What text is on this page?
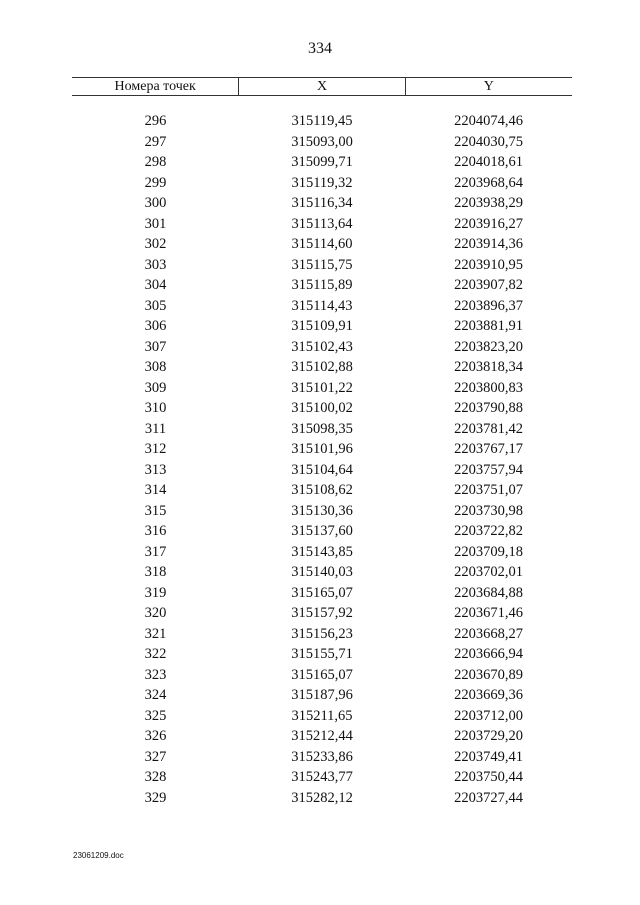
334
Номера точек	X	Y
296	315119,45	2204074,46
297	315093,00	2204030,75
298	315099,71	2204018,61
299	315119,32	2203968,64
300	315116,34	2203938,29
301	315113,64	2203916,27
302	315114,60	2203914,36
303	315115,75	2203910,95
304	315115,89	2203907,82
305	315114,43	2203896,37
306	315109,91	2203881,91
307	315102,43	2203823,20
308	315102,88	2203818,34
309	315101,22	2203800,83
310	315100,02	2203790,88
311	315098,35	2203781,42
312	315101,96	2203767,17
313	315104,64	2203757,94
314	315108,62	2203751,07
315	315130,36	2203730,98
316	315137,60	2203722,82
317	315143,85	2203709,18
318	315140,03	2203702,01
319	315165,07	2203684,88
320	315157,92	2203671,46
321	315156,23	2203668,27
322	315155,71	2203666,94
323	315165,07	2203670,89
324	315187,96	2203669,36
325	315211,65	2203712,00
326	315212,44	2203729,20
327	315233,86	2203749,41
328	315243,77	2203750,44
329	315282,12	2203727,44
23061209.doc
